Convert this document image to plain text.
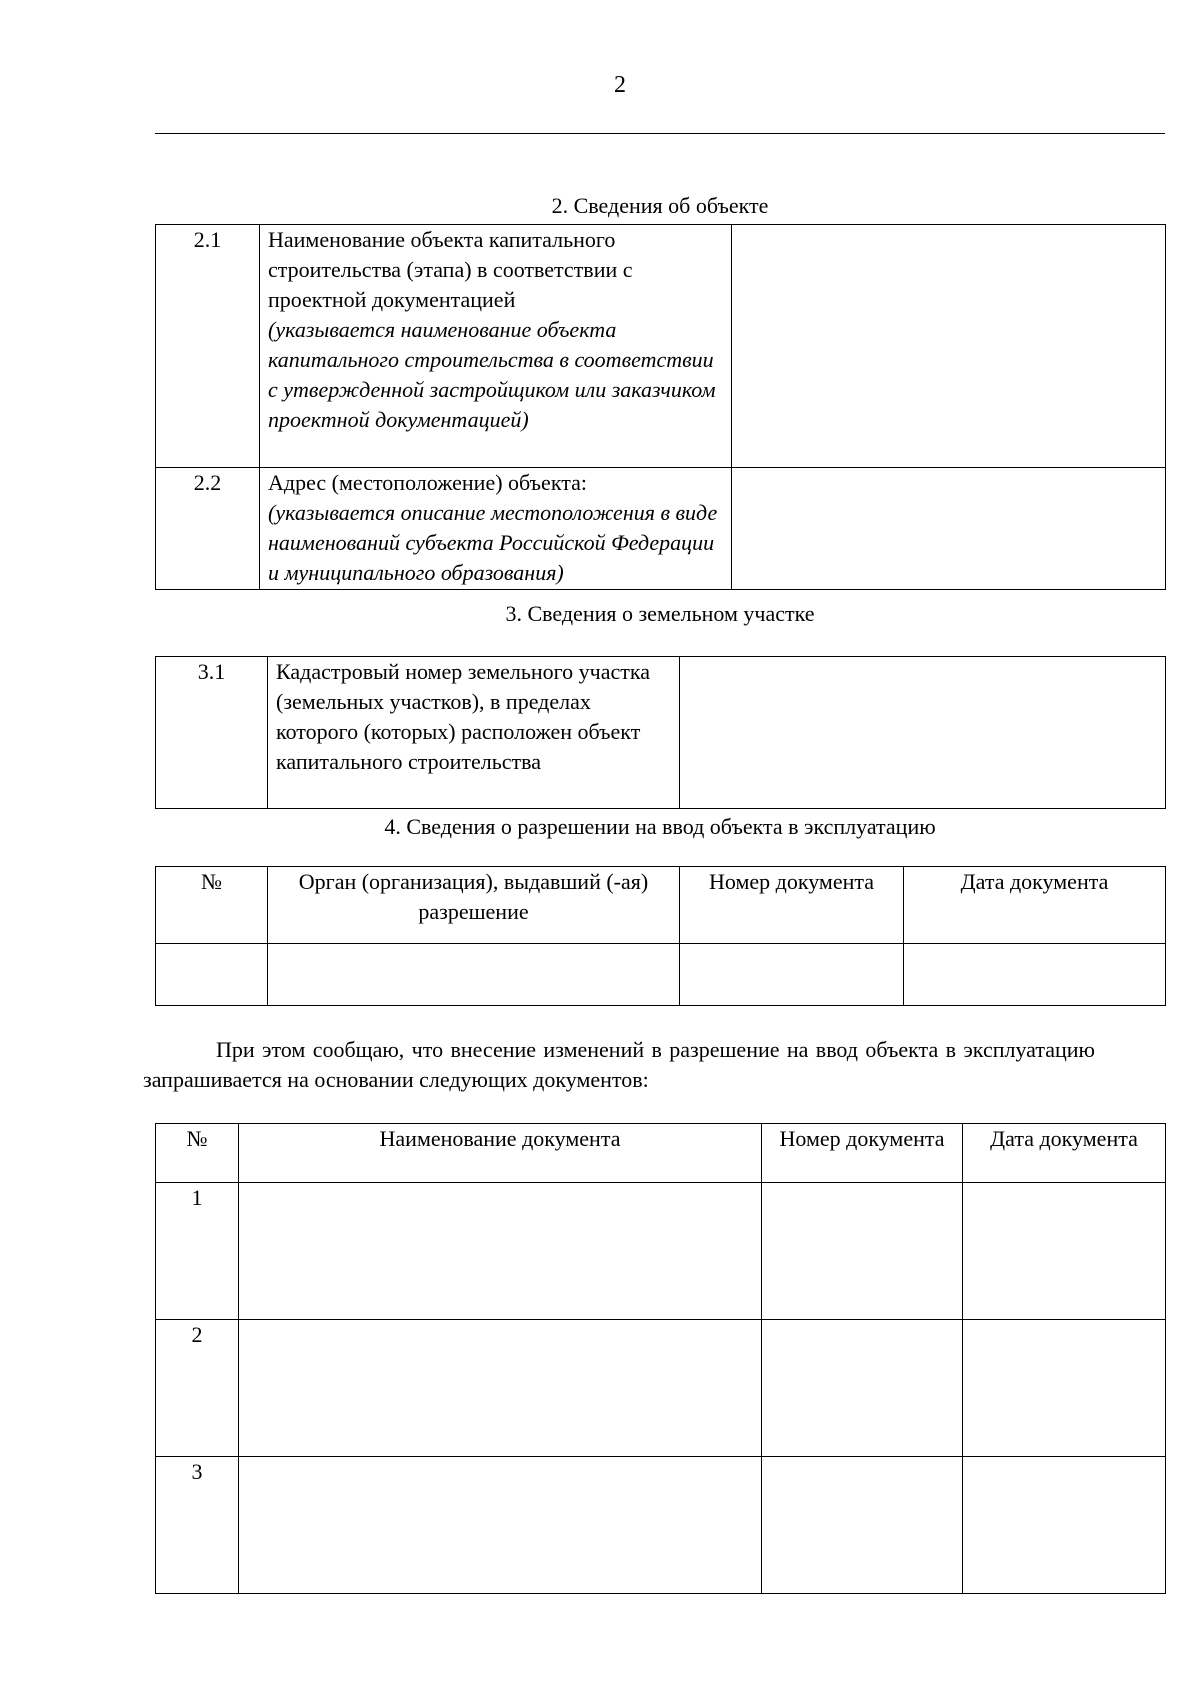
2
2. Сведения об объекте
2.1	Наименование объекта капитального строительства (этапа) в соответствии с проектной документацией
(указывается наименование объекта капитального строительства в соответствии с утвержденной застройщиком или заказчиком проектной документацией)	
2.2	Адрес (местоположение) объекта:
(указывается описание местоположения в виде наименований субъекта Российской Федерации и муниципального образования)	
3. Сведения о земельном участке
3.1	Кадастровый номер земельного участка (земельных участков), в пределах которого (которых) расположен объект капитального строительства	
4. Сведения о разрешении на ввод объекта в эксплуатацию
№	Орган (организация), выдавший (-ая) разрешение	Номер документа	Дата документа

При этом сообщаю, что внесение изменений в разрешение на ввод объекта в эксплуатацию запрашивается на основании следующих документов:
№	Наименование документа	Номер документа	Дата документа
1			
2			
3			
